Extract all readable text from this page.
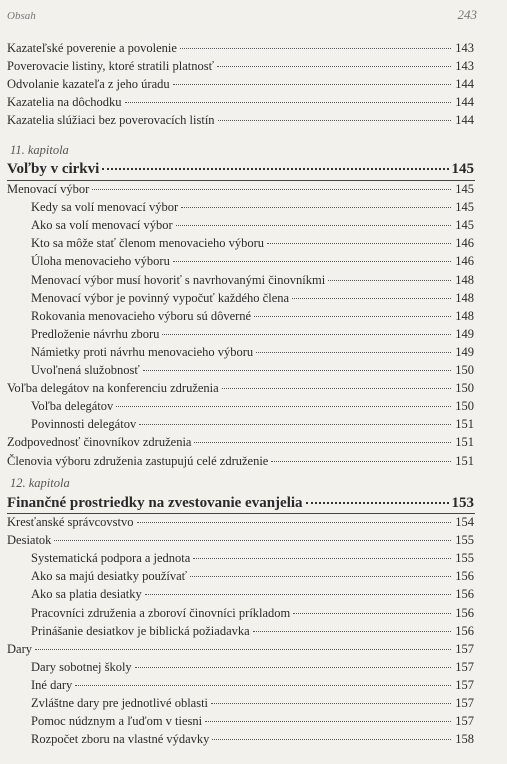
Obsah	243
Kazateľské poverenie a povolenie	143
Poverovacie listiny, ktoré stratili platnosť	143
Odvolanie kazateľa z jeho úradu	144
Kazatelia na dôchodku	144
Kazatelia slúžiaci bez poverovacích listín	144
11. kapitola
Voľby v cirkvi	145
Menovací výbor	145
Kedy sa volí menovací výbor	145
Ako sa volí menovací výbor	145
Kto sa môže stať členom menovacieho výboru	146
Úloha menovacieho výboru	146
Menovací výbor musí hovoriť s navrhovanými činovníkmi	148
Menovací výbor je povinný vypočuť každého člena	148
Rokovania menovacieho výboru sú dôverné	148
Predloženie návrhu zboru	149
Námietky proti návrhu menovacieho výboru	149
Uvoľnená služobnosť	150
Voľba delegátov na konferenciu združenia	150
Voľba delegátov	150
Povinnosti delegátov	151
Zodpovednosť činovníkov združenia	151
Členovia výboru združenia zastupujú celé združenie	151
12. kapitola
Finančné prostriedky na zvestovanie evanjelia	153
Kresťanské správcovstvo	154
Desiatok	155
Systematická podpora a jednota	155
Ako sa majú desiatky používať	156
Ako sa platia desiatky	156
Pracovníci združenia a zboroví činovníci príkladom	156
Prinášanie desiatkov je biblická požiadavka	156
Dary	157
Dary sobotnej školy	157
Iné dary	157
Zvláštne dary pre jednotlivé oblasti	157
Pomoc núdznym a ľuďom v tiesni	157
Rozpočet zboru na vlastné výdavky	158
